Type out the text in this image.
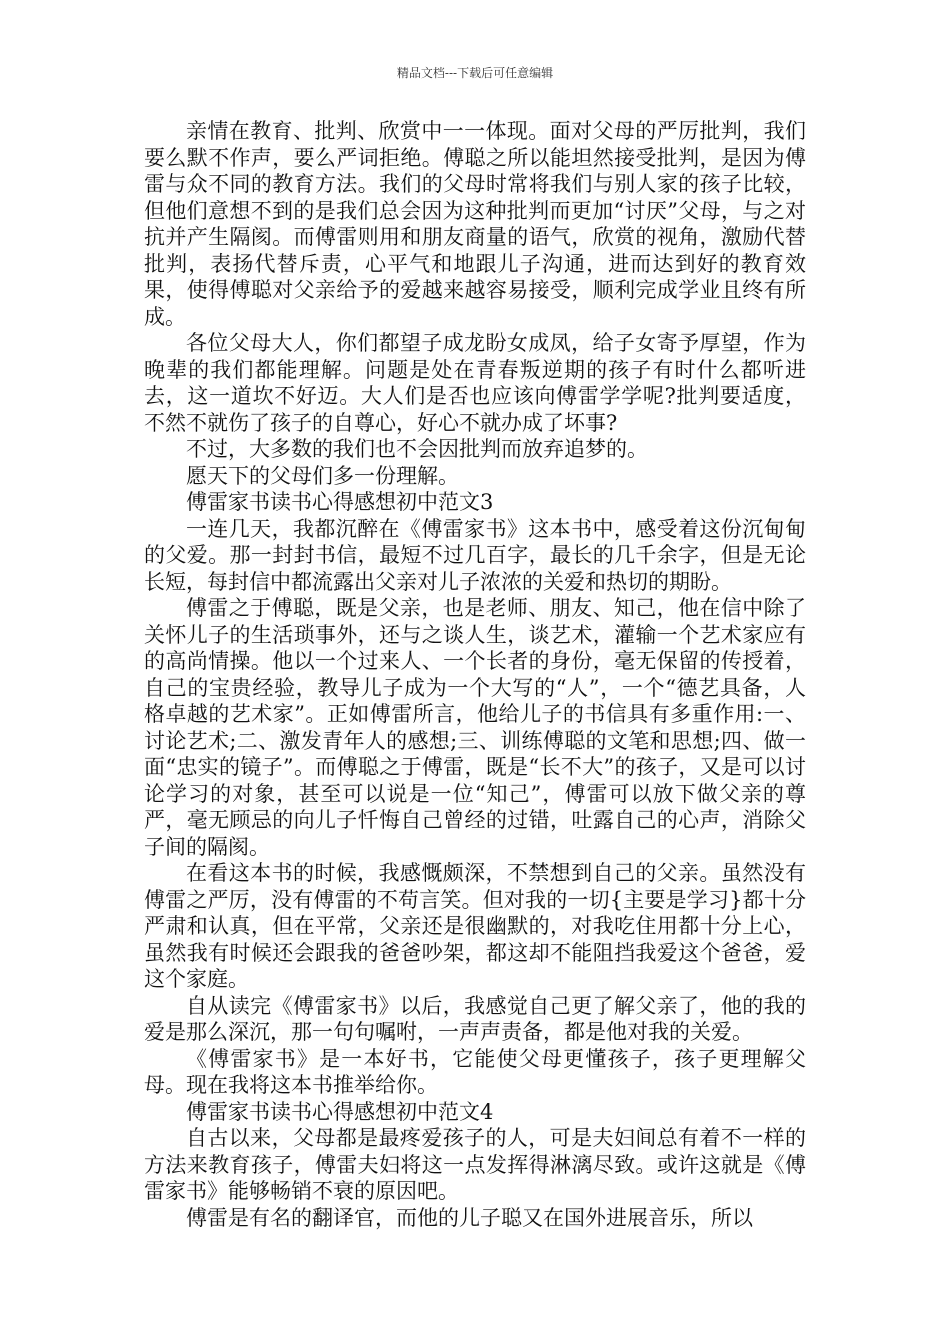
精品文档---下载后可任意编辑

亲情在教育、批判、欣赏中一一体现。面对父母的严厉批判，我们要么默不作声，要么严词拒绝。傅聪之所以能坦然接受批判，是因为傅雷与众不同的教育方法。我们的父母时常将我们与别人家的孩子比较，但他们意想不到的是我们总会因为这种批判而更加“讨厌”父母，与之对抗并产生隔阂。而傅雷则用和朋友商量的语气，欣赏的视角，激励代替批判，表扬代替斥责，心平气和地跟儿子沟通，进而达到好的教育效果，使得傅聪对父亲给予的爱越来越容易接受，顺利完成学业且终有所成。

各位父母大人，你们都望子成龙盼女成凤，给子女寄予厚望，作为晚辈的我们都能理解。问题是处在青春叛逆期的孩子有时什么都听进去，这一道坎不好迈。大人们是否也应该向傅雷学学呢?批判要适度，不然不就伤了孩子的自尊心，好心不就办成了坏事?

不过，大多数的我们也不会因批判而放弃追梦的。

愿天下的父母们多一份理解。

傅雷家书读书心得感想初中范文3

一连几天，我都沉醉在《傅雷家书》这本书中，感受着这份沉甸甸的父爱。那一封封书信，最短不过几百字，最长的几千余字，但是无论长短，每封信中都流露出父亲对儿子浓浓的关爱和热切的期盼。

傅雷之于傅聪，既是父亲，也是老师、朋友、知己，他在信中除了关怀儿子的生活琐事外，还与之谈人生，谈艺术，灌输一个艺术家应有的高尚情操。他以一个过来人、一个长者的身份，毫无保留的传授着，自己的宝贵经验，教导儿子成为一个大写的“人”，一个“德艺具备，人格卓越的艺术家”。正如傅雷所言，他给儿子的书信具有多重作用:一、讨论艺术;二、激发青年人的感想;三、训练傅聪的文笔和思想;四、做一面“忠实的镜子”。而傅聪之于傅雷，既是“长不大”的孩子，又是可以讨论学习的对象，甚至可以说是一位“知己”，傅雷可以放下做父亲的尊严，毫无顾忌的向儿子忏悔自己曾经的过错，吐露自己的心声，消除父子间的隔阂。

在看这本书的时候，我感慨颇深，不禁想到自己的父亲。虽然没有傅雷之严厉，没有傅雷的不苟言笑。但对我的一切{主要是学习}都十分严肃和认真，但在平常，父亲还是很幽默的，对我吃住用都十分上心，虽然我有时候还会跟我的爸爸吵架，都这却不能阻挡我爱这个爸爸，爱这个家庭。

自从读完《傅雷家书》以后，我感觉自己更了解父亲了，他的我的爱是那么深沉，那一句句嘱咐，一声声责备，都是他对我的关爱。

《傅雷家书》是一本好书，它能使父母更懂孩子，孩子更理解父母。现在我将这本书推举给你。

傅雷家书读书心得感想初中范文4

自古以来，父母都是最疼爱孩子的人，可是夫妇间总有着不一样的方法来教育孩子，傅雷夫妇将这一点发挥得淋漓尽致。或许这就是《傅雷家书》能够畅销不衰的原因吧。

傅雷是有名的翻译官，而他的儿子聪又在国外进展音乐，所以
